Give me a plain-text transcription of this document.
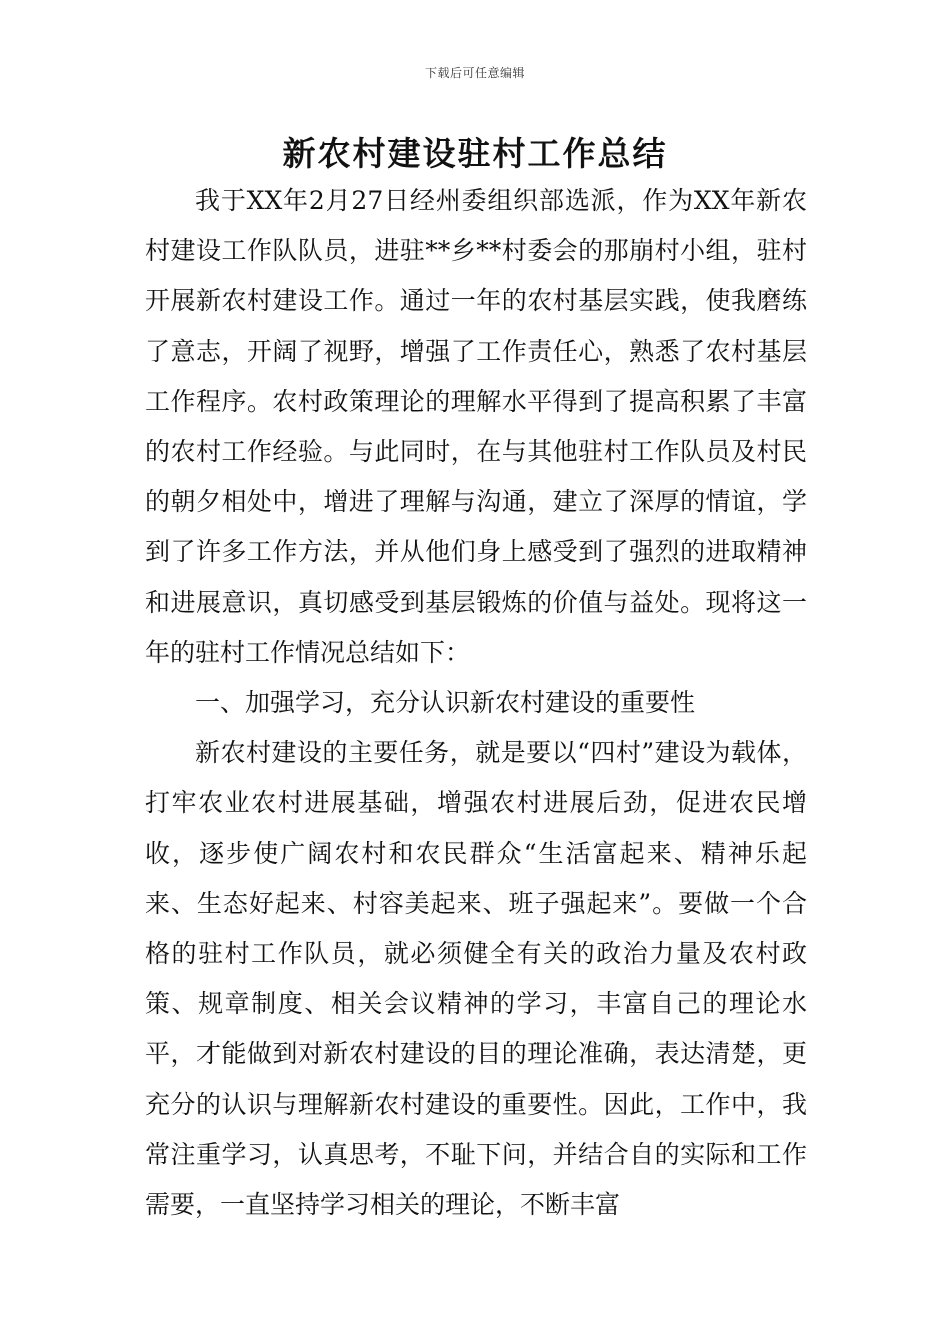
下载后可任意编辑
新农村建设驻村工作总结

我于XX年2月27日经州委组织部选派，作为XX年新农村建设工作队队员，进驻**乡**村委会的那崩村小组，驻村开展新农村建设工作。通过一年的农村基层实践，使我磨练了意志，开阔了视野，增强了工作责任心，熟悉了农村基层工作程序。农村政策理论的理解水平得到了提高积累了丰富的农村工作经验。与此同时，在与其他驻村工作队员及村民的朝夕相处中，增进了理解与沟通，建立了深厚的情谊，学到了许多工作方法，并从他们身上感受到了强烈的进取精神和进展意识，真切感受到基层锻炼的价值与益处。现将这一年的驻村工作情况总结如下：

一、加强学习，充分认识新农村建设的重要性

新农村建设的主要任务，就是要以“四村”建设为载体，打牢农业农村进展基础，增强农村进展后劲，促进农民增收，逐步使广阔农村和农民群众“生活富起来、精神乐起来、生态好起来、村容美起来、班子强起来”。要做一个合格的驻村工作队员，就必须健全有关的政治力量及农村政策、规章制度、相关会议精神的学习，丰富自己的理论水平，才能做到对新农村建设的目的理论准确，表达清楚，更充分的认识与理解新农村建设的重要性。因此，工作中，我常注重学习，认真思考，不耻下问，并结合自的实际和工作需要，一直坚持学习相关的理论，不断丰富
